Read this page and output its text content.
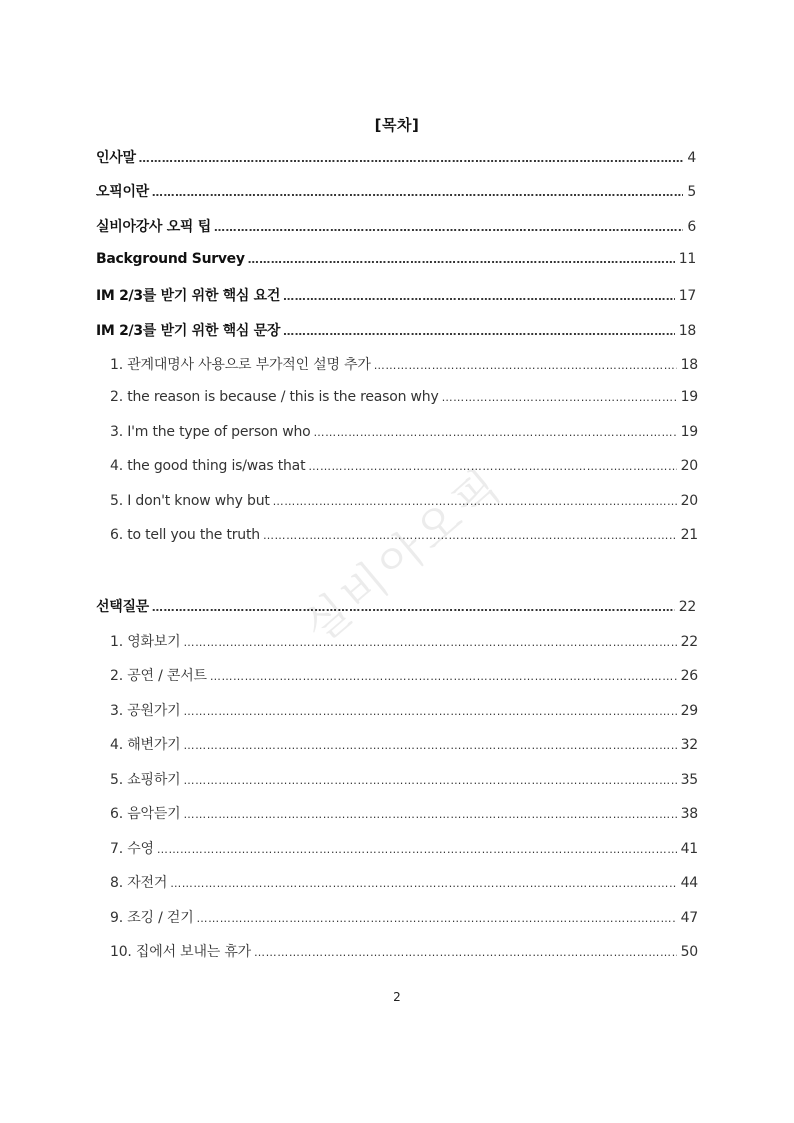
실비아오픽
[목차]
인사말 ………………………………………………………………………………………………………………………………………………………………………………………………………………	4
오픽이란 ………………………………………………………………………………………………………………………………………………………………………………………………………………	5
실비아강사 오픽 팁 ………………………………………………………………………………………………………………………………………………………………………………………………………………	6
Background Survey ………………………………………………………………………………………………………………………………………………………………………………………………………………	11
IM 2/3를 받기 위한 핵심 요건 ………………………………………………………………………………………………………………………………………………………………………………………………………………	17
IM 2/3를 받기 위한 핵심 문장 ………………………………………………………………………………………………………………………………………………………………………………………………………………	18
1. 관계대명사 사용으로 부가적인 설명 추가 ………………………………………………………………………………………………………………………………………………………………………………………………………………	18
2. the reason is because / this is the reason why ………………………………………………………………………………………………………………………………………………………………………………………………………………	19
3. I'm the type of person who ………………………………………………………………………………………………………………………………………………………………………………………………………………	19
4. the good thing is/was that ………………………………………………………………………………………………………………………………………………………………………………………………………………	20
5. I don't know why but ………………………………………………………………………………………………………………………………………………………………………………………………………………	20
6. to tell you the truth ………………………………………………………………………………………………………………………………………………………………………………………………………………	21
선택질문 ………………………………………………………………………………………………………………………………………………………………………………………………………………	22
1. 영화보기 ………………………………………………………………………………………………………………………………………………………………………………………………………………	22
2. 공연 / 콘서트 ………………………………………………………………………………………………………………………………………………………………………………………………………………	26
3. 공원가기 ………………………………………………………………………………………………………………………………………………………………………………………………………………	29
4. 해변가기 ………………………………………………………………………………………………………………………………………………………………………………………………………………	32
5. 쇼핑하기 ………………………………………………………………………………………………………………………………………………………………………………………………………………	35
6. 음악듣기 ………………………………………………………………………………………………………………………………………………………………………………………………………………	38
7. 수영 ………………………………………………………………………………………………………………………………………………………………………………………………………………	41
8. 자전거 ………………………………………………………………………………………………………………………………………………………………………………………………………………	44
9. 조깅 / 걷기 ………………………………………………………………………………………………………………………………………………………………………………………………………………	47
10. 집에서 보내는 휴가 ………………………………………………………………………………………………………………………………………………………………………………………………………………	50
2
